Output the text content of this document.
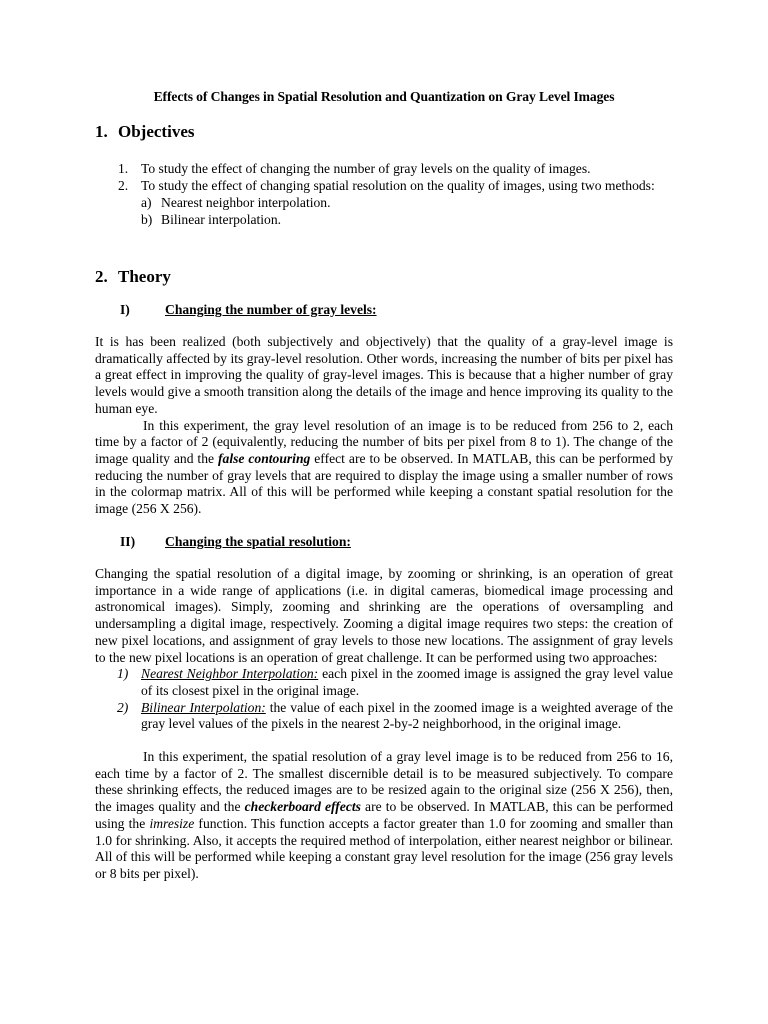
Effects of Changes in Spatial Resolution and Quantization on Gray Level Images
1. Objectives
1. To study the effect of changing the number of gray levels on the quality of images.
2. To study the effect of changing spatial resolution on the quality of images, using two methods:
a) Nearest neighbor interpolation.
b) Bilinear interpolation.
2. Theory
I)	Changing the number of gray levels:

It is has been realized (both subjectively and objectively) that the quality of a gray-level image is dramatically affected by its gray-level resolution. Other words, increasing the number of bits per pixel has a great effect in improving the quality of gray-level images. This is because that a higher number of gray levels would give a smooth transition along the details of the image and hence improving its quality to the human eye.

In this experiment, the gray level resolution of an image is to be reduced from 256 to 2, each time by a factor of 2 (equivalently, reducing the number of bits per pixel from 8 to 1). The change of the image quality and the false contouring effect are to be observed. In MATLAB, this can be performed by reducing the number of gray levels that are required to display the image using a smaller number of rows in the colormap matrix. All of this will be performed while keeping a constant spatial resolution for the image (256 X 256).

II) Changing the spatial resolution:

Changing the spatial resolution of a digital image, by zooming or shrinking, is an operation of great importance in a wide range of applications (i.e. in digital cameras, biomedical image processing and astronomical images). Simply, zooming and shrinking are the operations of oversampling and undersampling a digital image, respectively. Zooming a digital image requires two steps: the creation of new pixel locations, and assignment of gray levels to those new locations. The assignment of gray levels to the new pixel locations is an operation of great challenge. It can be performed using two approaches:

1) Nearest Neighbor Interpolation: each pixel in the zoomed image is assigned the gray level value of its closest pixel in the original image.
2) Bilinear Interpolation: the value of each pixel in the zoomed image is a weighted average of the gray level values of the pixels in the nearest 2-by-2 neighborhood, in the original image.

In this experiment, the spatial resolution of a gray level image is to be reduced from 256 to 16, each time by a factor of 2. The smallest discernible detail is to be measured subjectively. To compare these shrinking effects, the reduced images are to be resized again to the original size (256 X 256), then, the images quality and the checkerboard effects are to be observed. In MATLAB, this can be performed using the imresize function. This function accepts a factor greater than 1.0 for zooming and smaller than 1.0 for shrinking. Also, it accepts the required method of interpolation, either nearest neighbor or bilinear. All of this will be performed while keeping a constant gray level resolution for the image (256 gray levels or 8 bits per pixel).
